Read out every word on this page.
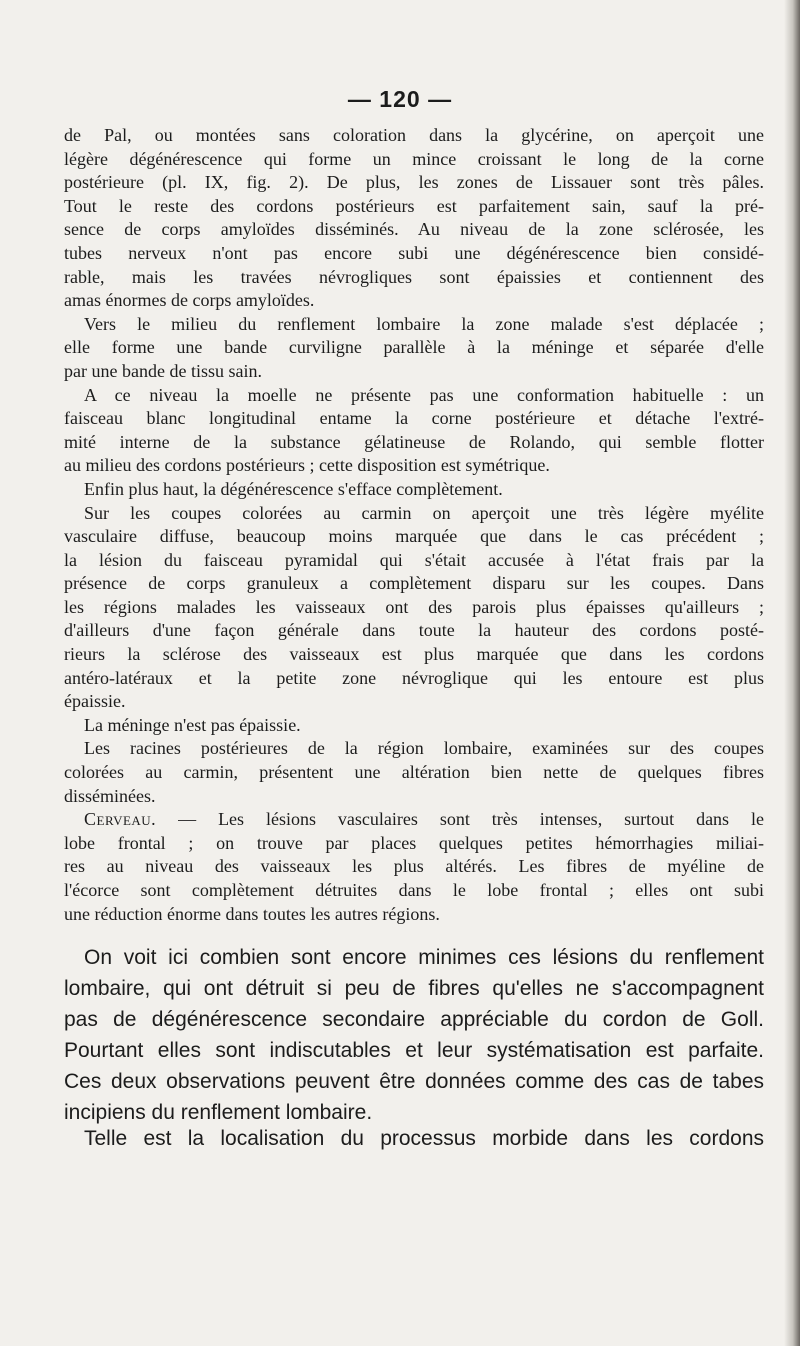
— 120 —
de Pal, ou montées sans coloration dans la glycérine, on aperçoit une
légère dégénérescence qui forme un mince croissant le long de la corne
postérieure (pl. IX, fig. 2). De plus, les zones de Lissauer sont très pâles.
Tout le reste des cordons postérieurs est parfaitement sain, sauf la pré-
sence de corps amyloïdes disséminés. Au niveau de la zone sclérosée, les
tubes nerveux n'ont pas encore subi une dégénérescence bien considé-
rable, mais les travées névrogliques sont épaissies et contiennent des
amas énormes de corps amyloïdes.
Vers le milieu du renflement lombaire la zone malade s'est déplacée ;
elle forme une bande curviligne parallèle à la méninge et séparée d'elle
par une bande de tissu sain.
A ce niveau la moelle ne présente pas une conformation habituelle : un
faisceau blanc longitudinal entame la corne postérieure et détache l'extré-
mité interne de la substance gélatineuse de Rolando, qui semble flotter
au milieu des cordons postérieurs ; cette disposition est symétrique.
Enfin plus haut, la dégénérescence s'efface complètement.
Sur les coupes colorées au carmin on aperçoit une très légère myélite
vasculaire diffuse, beaucoup moins marquée que dans le cas précédent ;
la lésion du faisceau pyramidal qui s'était accusée à l'état frais par la
présence de corps granuleux a complètement disparu sur les coupes. Dans
les régions malades les vaisseaux ont des parois plus épaisses qu'ailleurs ;
d'ailleurs d'une façon générale dans toute la hauteur des cordons posté-
rieurs la sclérose des vaisseaux est plus marquée que dans les cordons
antéro-latéraux et la petite zone névroglique qui les entoure est plus
épaissie.
La méninge n'est pas épaissie.
Les racines postérieures de la région lombaire, examinées sur des coupes
colorées au carmin, présentent une altération bien nette de quelques fibres
disséminées.
Cerveau. — Les lésions vasculaires sont très intenses, surtout dans le
lobe frontal ; on trouve par places quelques petites hémorrhagies miliai-
res au niveau des vaisseaux les plus altérés. Les fibres de myéline de
l'écorce sont complètement détruites dans le lobe frontal ; elles ont subi
une réduction énorme dans toutes les autres régions.
On voit ici combien sont encore minimes ces lésions du renflement
lombaire, qui ont détruit si peu de fibres qu'elles ne s'accompagnent
pas de dégénérescence secondaire appréciable du cordon de Goll.
Pourtant elles sont indiscutables et leur systématisation est parfaite.
Ces deux observations peuvent être données comme des cas de tabes
incipiens du renflement lombaire.
Telle est la localisation du processus morbide dans les cordons
